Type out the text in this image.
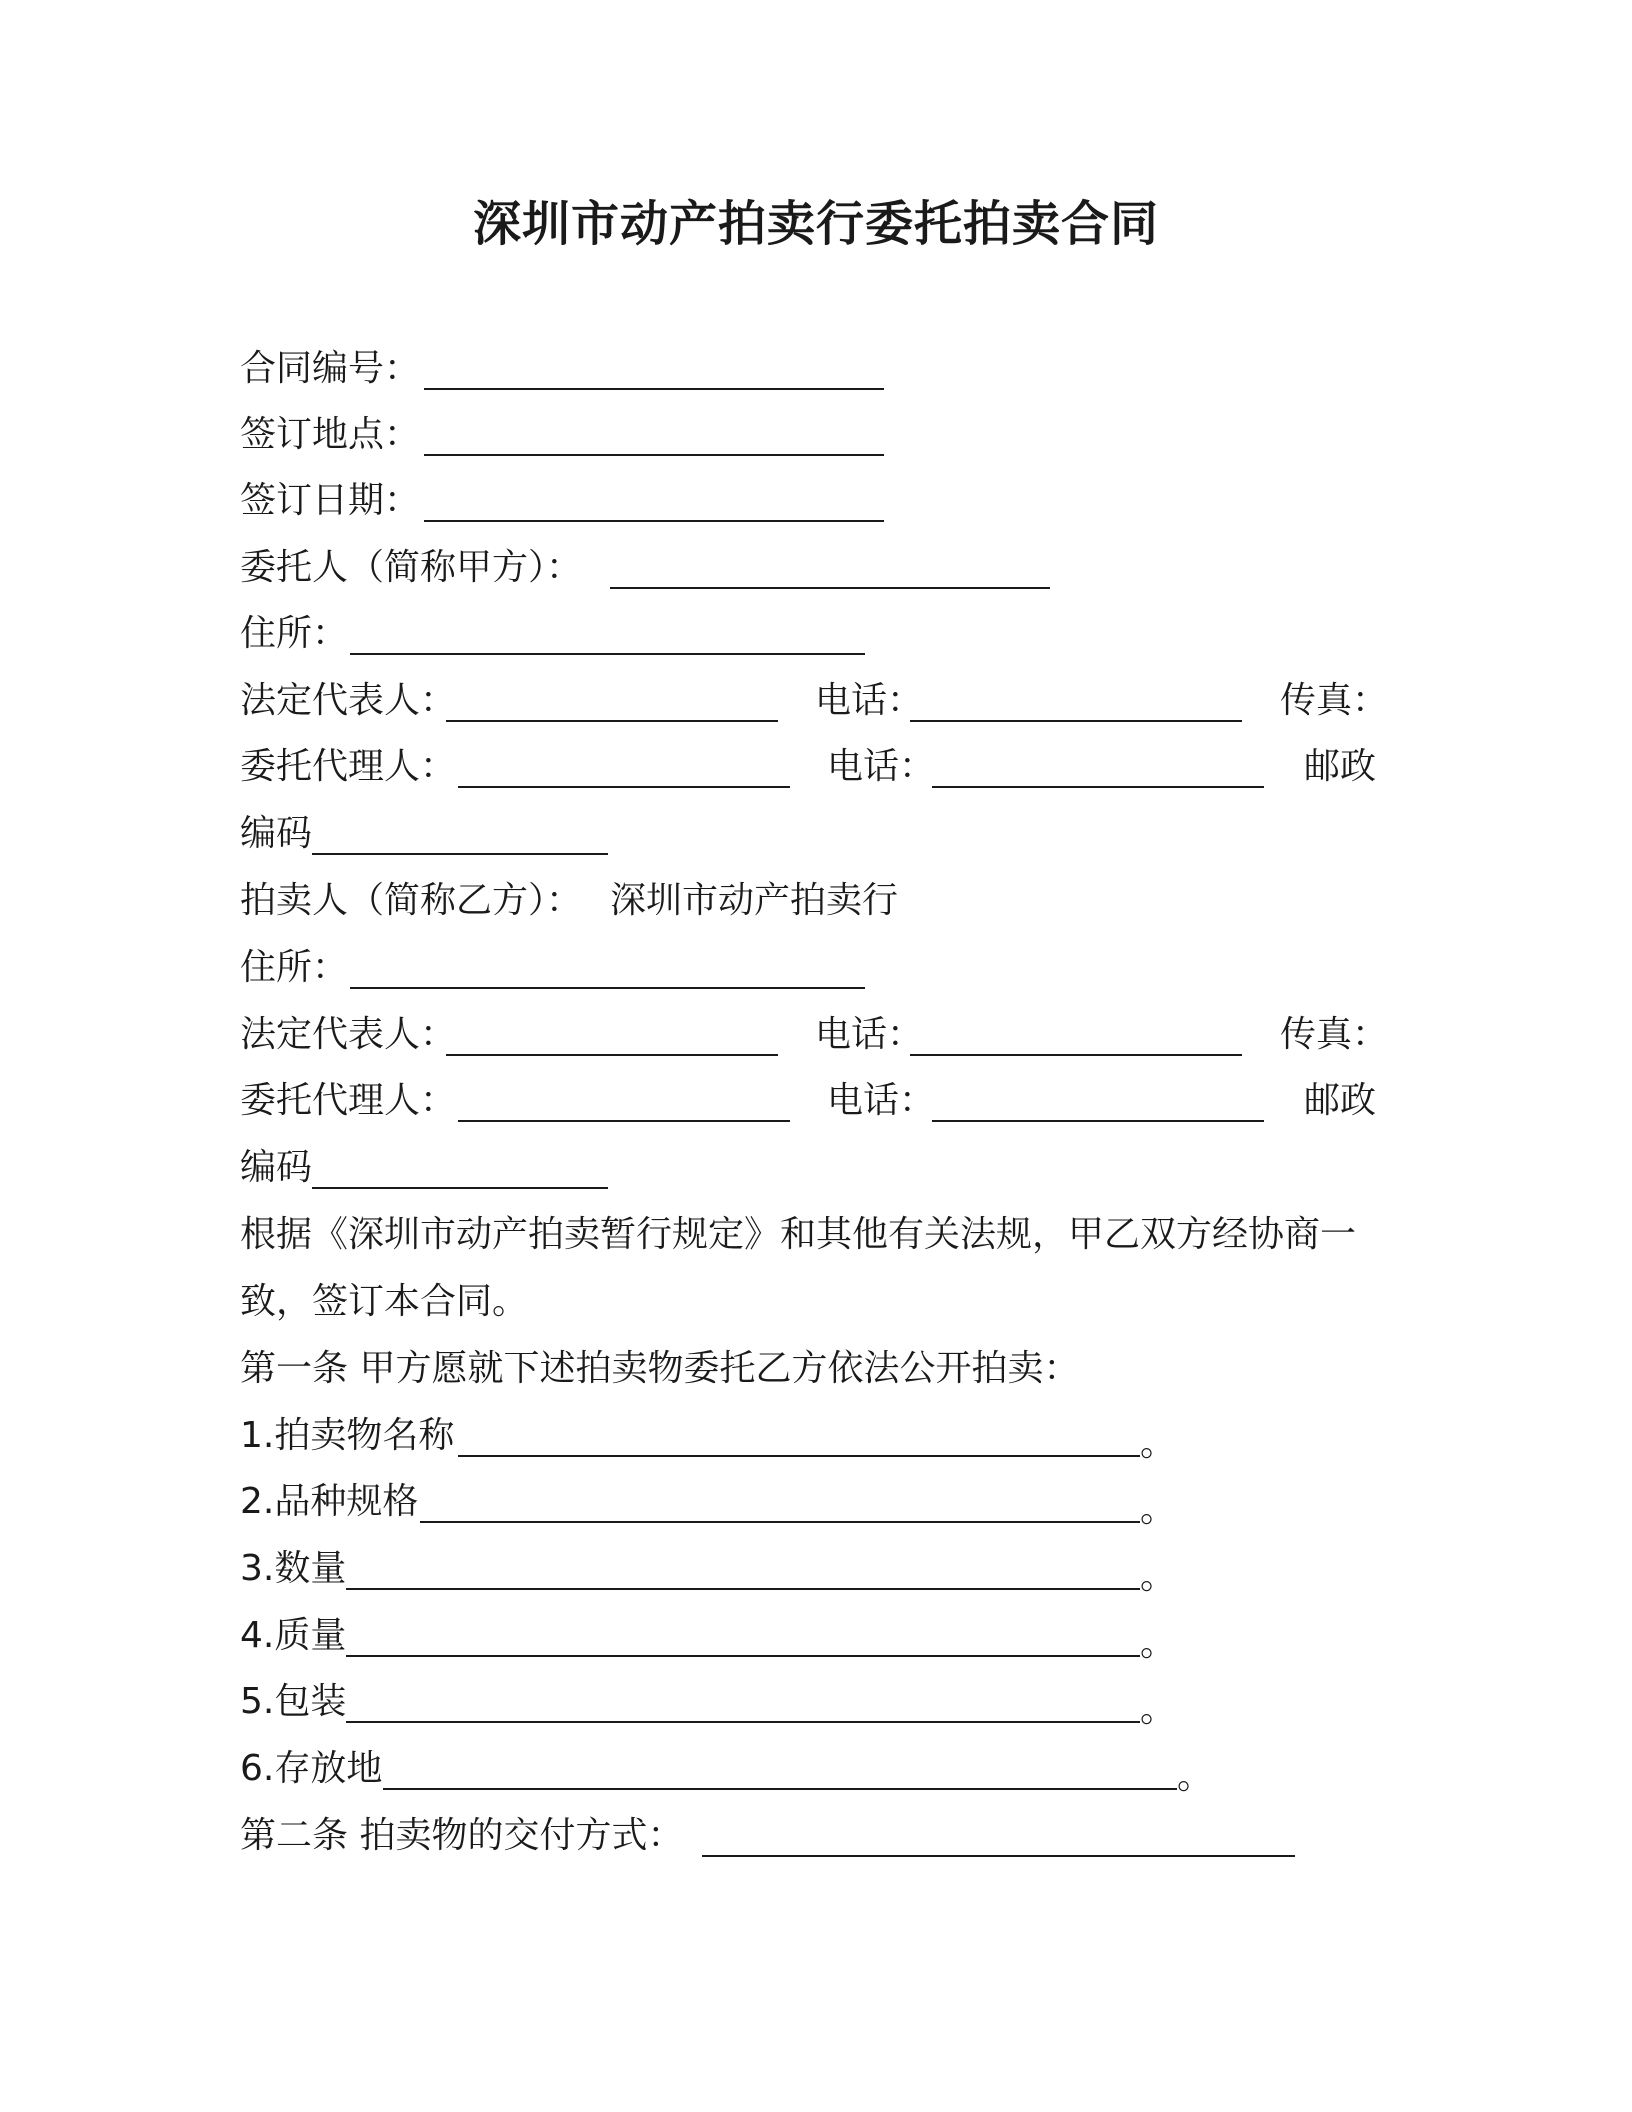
深圳市动产拍卖行委托拍卖合同
合同编号：
签订地点：
签订日期：
委托人（简称甲方）：
住所：
法定代表人：	电话：	传真：
委托代理人：	电话：	邮政
编码
拍卖人（简称乙方）： 深圳市动产拍卖行
住所：
法定代表人：	电话：	传真：
委托代理人：	电话：	邮政
编码
根据《深圳市动产拍卖暂行规定》和其他有关法规，甲乙双方经协商一
致，签订本合同。
第一条 甲方愿就下述拍卖物委托乙方依法公开拍卖：
1.拍卖物名称	。
2.品种规格	。
3.数量	。
4.质量	。
5.包装	。
6.存放地	。
第二条 拍卖物的交付方式：
